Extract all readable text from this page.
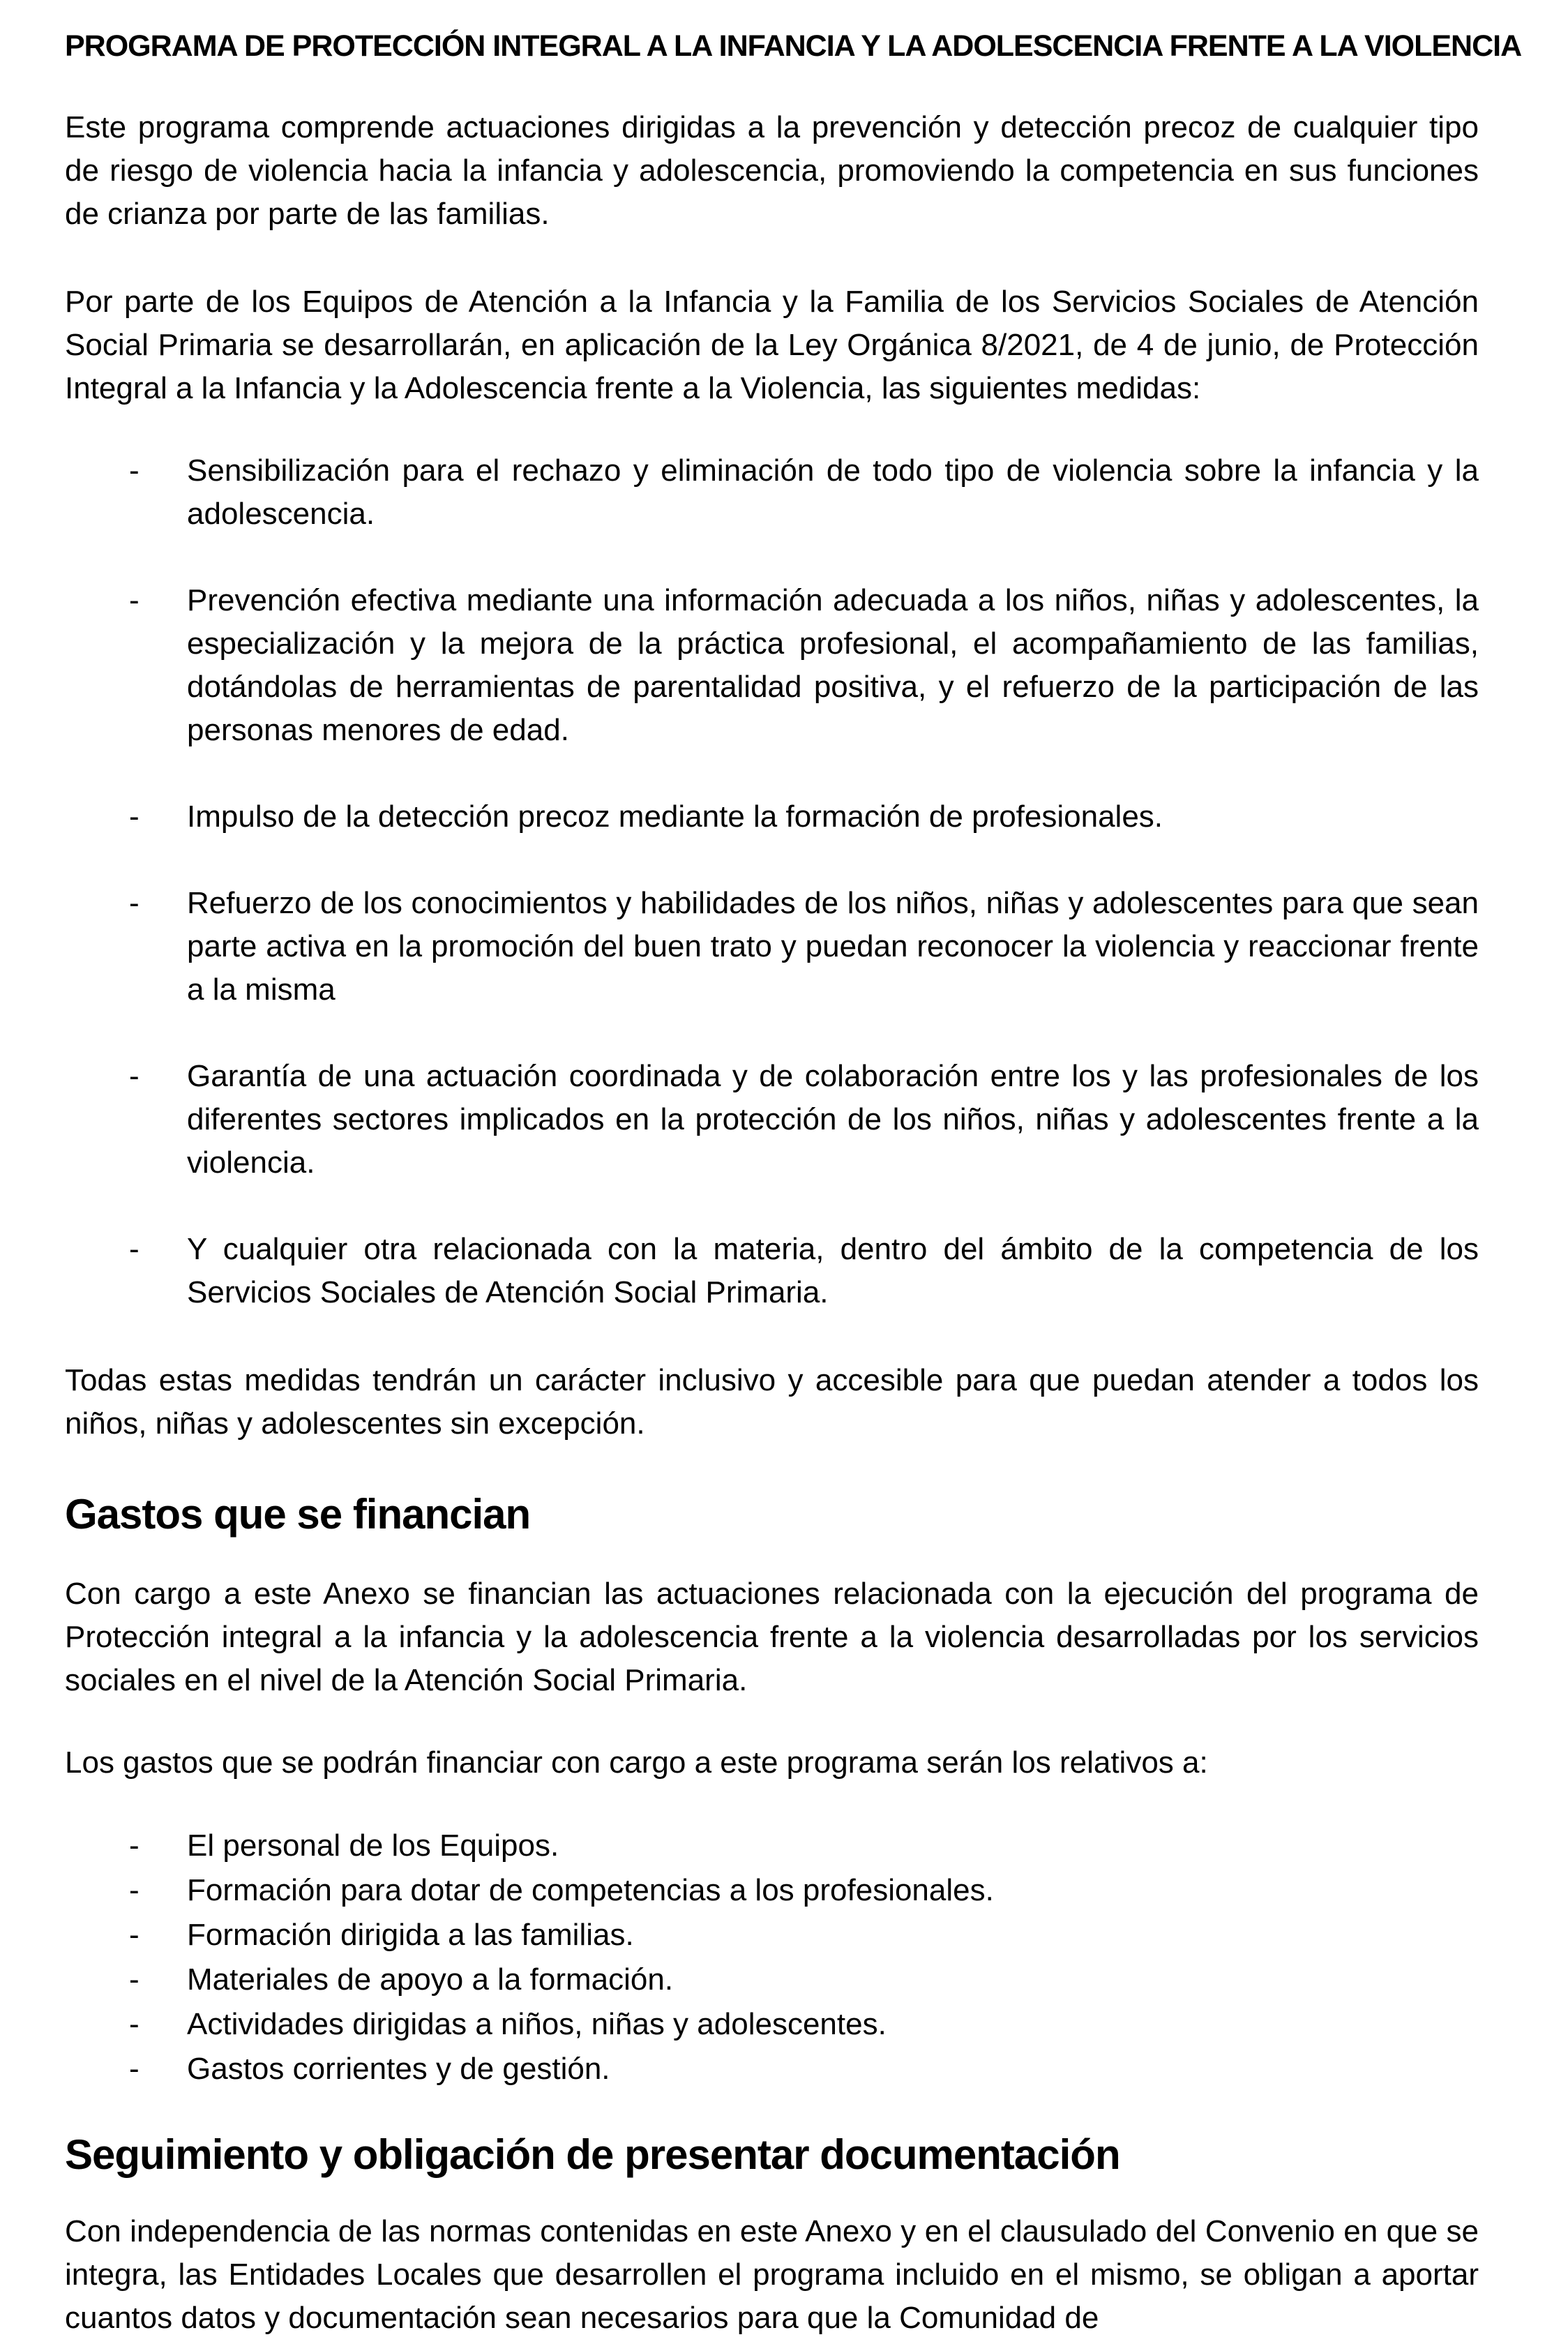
PROGRAMA DE PROTECCIÓN INTEGRAL A LA INFANCIA Y LA ADOLESCENCIA FRENTE A LA VIOLENCIA

Este programa comprende actuaciones dirigidas a la prevención y detección precoz de cualquier tipo de riesgo de violencia hacia la infancia y adolescencia, promoviendo la competencia en sus funciones de crianza por parte de las familias.

Por parte de los Equipos de Atención a la Infancia y la Familia de los Servicios Sociales de Atención Social Primaria se desarrollarán, en aplicación de la Ley Orgánica 8/2021, de 4 de junio, de Protección Integral a la Infancia y la Adolescencia frente a la Violencia, las siguientes medidas:

-	Sensibilización para el rechazo y eliminación de todo tipo de violencia sobre la infancia y la adolescencia.
-	Prevención efectiva mediante una información adecuada a los niños, niñas y adolescentes, la especialización y la mejora de la práctica profesional, el acompañamiento de las familias, dotándolas de herramientas de parentalidad positiva, y el refuerzo de la participación de las personas menores de edad.
-	Impulso de la detección precoz mediante la formación de profesionales.
-	Refuerzo de los conocimientos y habilidades de los niños, niñas y adolescentes para que sean parte activa en la promoción del buen trato y puedan reconocer la violencia y reaccionar frente a la misma
-	Garantía de una actuación coordinada y de colaboración entre los y las profesionales de los diferentes sectores implicados en la protección de los niños, niñas y adolescentes frente a la violencia.
-	Y cualquier otra relacionada con la materia, dentro del ámbito de la competencia de los Servicios Sociales de Atención Social Primaria.

Todas estas medidas tendrán un carácter inclusivo y accesible para que puedan atender a todos los niños, niñas y adolescentes sin excepción.

Gastos que se financian

Con cargo a este Anexo se financian las actuaciones relacionada con la ejecución del programa de Protección integral a la infancia y la adolescencia frente a la violencia desarrolladas por los servicios sociales en el nivel de la Atención Social Primaria.

Los gastos que se podrán financiar con cargo a este programa serán los relativos a:

-	El personal de los Equipos.
-	Formación para dotar de competencias a los profesionales.
-	Formación dirigida a las familias.
-	Materiales de apoyo a la formación.
-	Actividades dirigidas a niños, niñas y adolescentes.
-	Gastos corrientes y de gestión.
Seguimiento y obligación de presentar documentación

Con independencia de las normas contenidas en este Anexo y en el clausulado del Convenio en que se integra, las Entidades Locales que desarrollen el programa incluido en el mismo, se obligan a aportar cuantos datos y documentación sean necesarios para que la Comunidad de
